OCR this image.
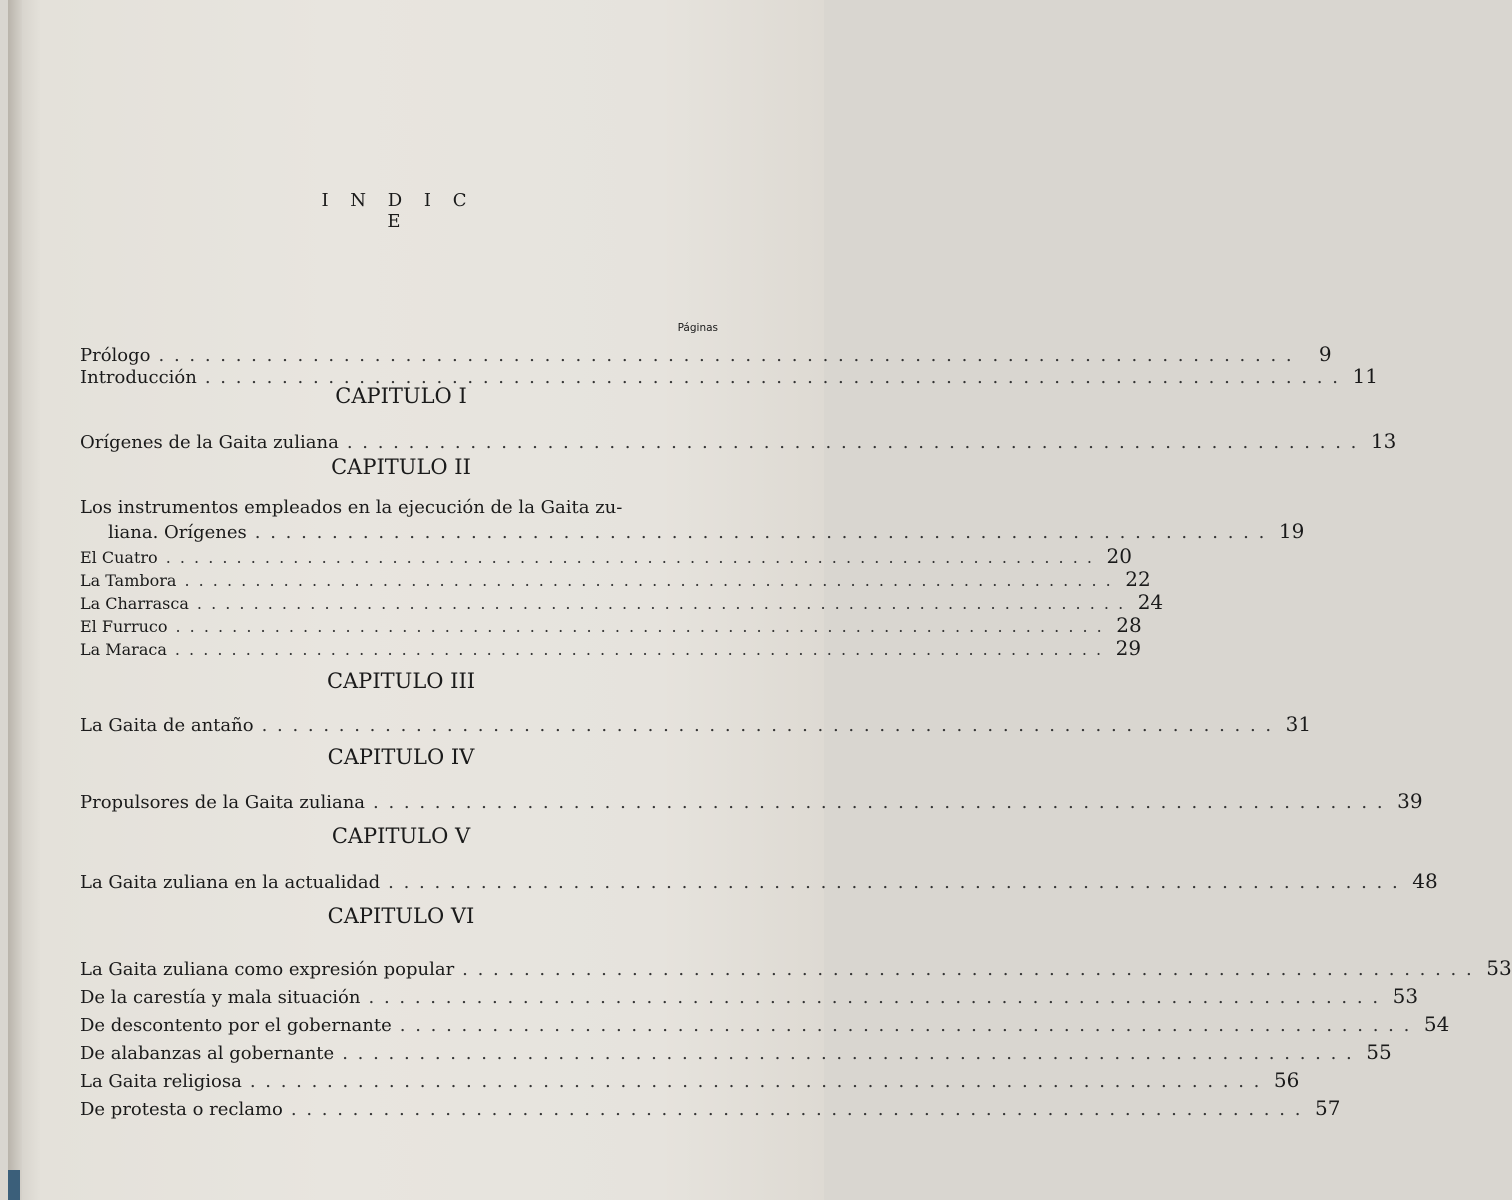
I N D I C E
Páginas
Prólogo . . . . . . . . . . . . . . . . . . . . . . . . . . . . . . . . . . . . . . . . . . . . . . . . . . . . . . . . . . . . . . . . . . . . . . . . . .	9
Introducción . . . . . . . . . . . . . . . . . . . . . . . . . . . . . . . . . . . . . . . . . . . . . . . . . . . . . . . . . . . . . . . . . . . . . . . . . . 11
CAPITULO I
Orígenes de la Gaita zuliana . . . . . . . . . . . . . . . . . . . . . . . . . . . . . . . . . . . . . . . . . . . . . . . . . . . . . . . . . . . . . . . . . . 13
CAPITULO II
Los instrumentos empleados en la ejecución de la Gaita zu-
liana. Orígenes . . . . . . . . . . . . . . . . . . . . . . . . . . . . . . . . . . . . . . . . . . . . . . . . . . . . . . . . . . . . . . . . . . 19
El Cuatro . . . . . . . . . . . . . . . . . . . . . . . . . . . . . . . . . . . . . . . . . . . . . . . . . . . . . . . . . . . . . . . . . . 20
La Tambora . . . . . . . . . . . . . . . . . . . . . . . . . . . . . . . . . . . . . . . . . . . . . . . . . . . . . . . . . . . . . . . . . . 22
La Charrasca . . . . . . . . . . . . . . . . . . . . . . . . . . . . . . . . . . . . . . . . . . . . . . . . . . . . . . . . . . . . . . . . . . 24
El Furruco . . . . . . . . . . . . . . . . . . . . . . . . . . . . . . . . . . . . . . . . . . . . . . . . . . . . . . . . . . . . . . . . . . 28
La Maraca . . . . . . . . . . . . . . . . . . . . . . . . . . . . . . . . . . . . . . . . . . . . . . . . . . . . . . . . . . . . . . . . . . 29
CAPITULO III
La Gaita de antaño . . . . . . . . . . . . . . . . . . . . . . . . . . . . . . . . . . . . . . . . . . . . . . . . . . . . . . . . . . . . . . . . . . 31
CAPITULO IV
Propulsores de la Gaita zuliana . . . . . . . . . . . . . . . . . . . . . . . . . . . . . . . . . . . . . . . . . . . . . . . . . . . . . . . . . . . . . . . . . . 39
CAPITULO V
La Gaita zuliana en la actualidad . . . . . . . . . . . . . . . . . . . . . . . . . . . . . . . . . . . . . . . . . . . . . . . . . . . . . . . . . . . . . . . . . . 48
CAPITULO VI
La Gaita zuliana como expresión popular . . . . . . . . . . . . . . . . . . . . . . . . . . . . . . . . . . . . . . . . . . . . . . . . . . . . . . . . . . . . . . . . . . 53
De la carestía y mala situación . . . . . . . . . . . . . . . . . . . . . . . . . . . . . . . . . . . . . . . . . . . . . . . . . . . . . . . . . . . . . . . . . . 53
De descontento por el gobernante . . . . . . . . . . . . . . . . . . . . . . . . . . . . . . . . . . . . . . . . . . . . . . . . . . . . . . . . . . . . . . . . . . 54
De alabanzas al gobernante . . . . . . . . . . . . . . . . . . . . . . . . . . . . . . . . . . . . . . . . . . . . . . . . . . . . . . . . . . . . . . . . . . 55
La Gaita religiosa . . . . . . . . . . . . . . . . . . . . . . . . . . . . . . . . . . . . . . . . . . . . . . . . . . . . . . . . . . . . . . . . . . 56
De protesta o reclamo . . . . . . . . . . . . . . . . . . . . . . . . . . . . . . . . . . . . . . . . . . . . . . . . . . . . . . . . . . . . . . . . . . 57
